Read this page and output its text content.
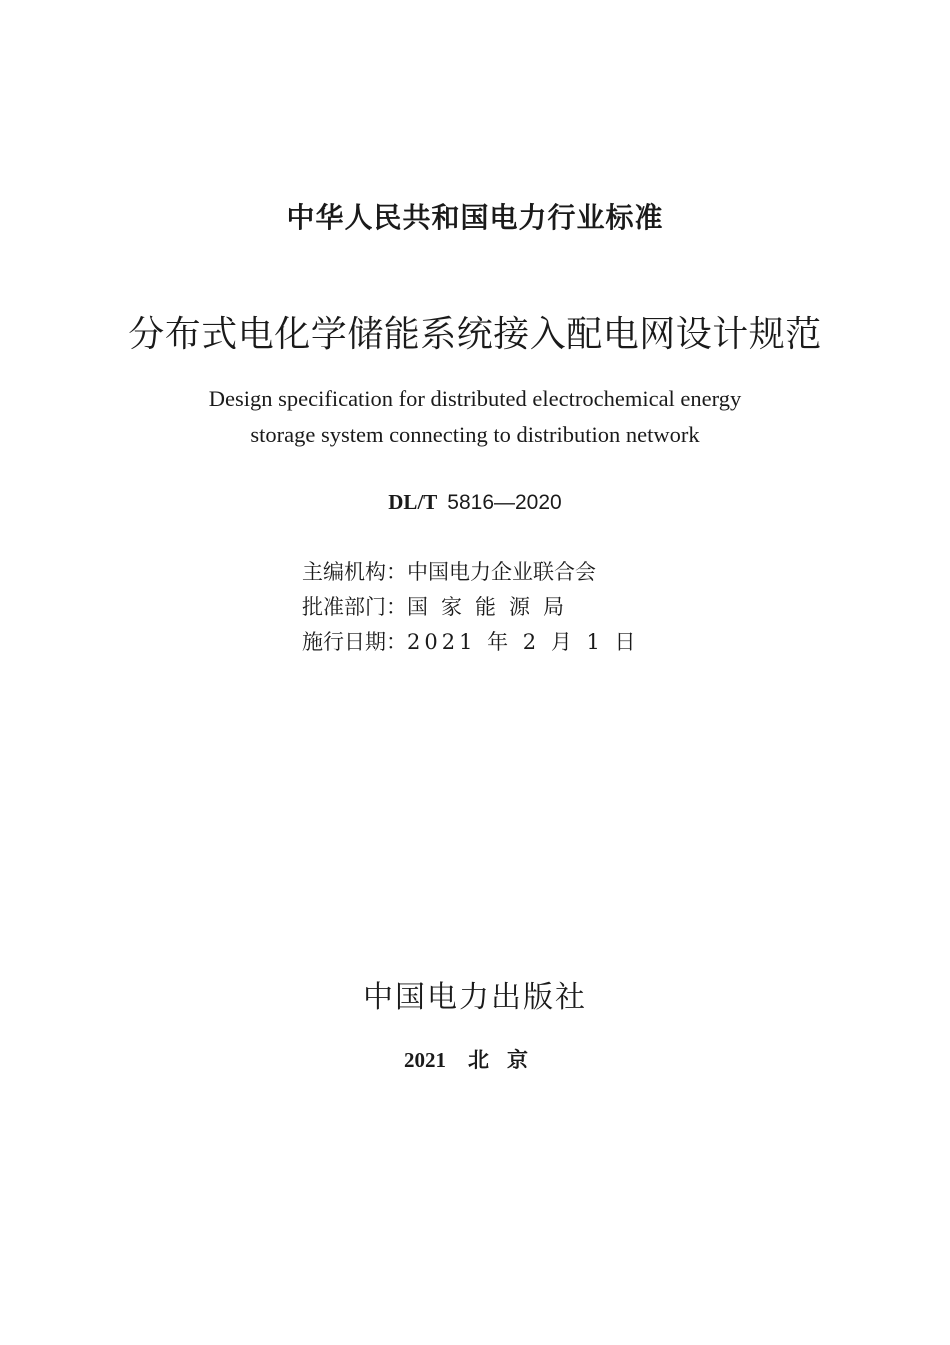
中华人民共和国电力行业标准
分布式电化学储能系统接入配电网设计规范
Design specification for distributed electrochemical energy
storage system connecting to distribution network
DL/T 5816—2020
主编机构：中国电力企业联合会
批准部门：国家能源局
施行日期：2021 年 2 月 1 日
中国电力出版社
2021 北京
